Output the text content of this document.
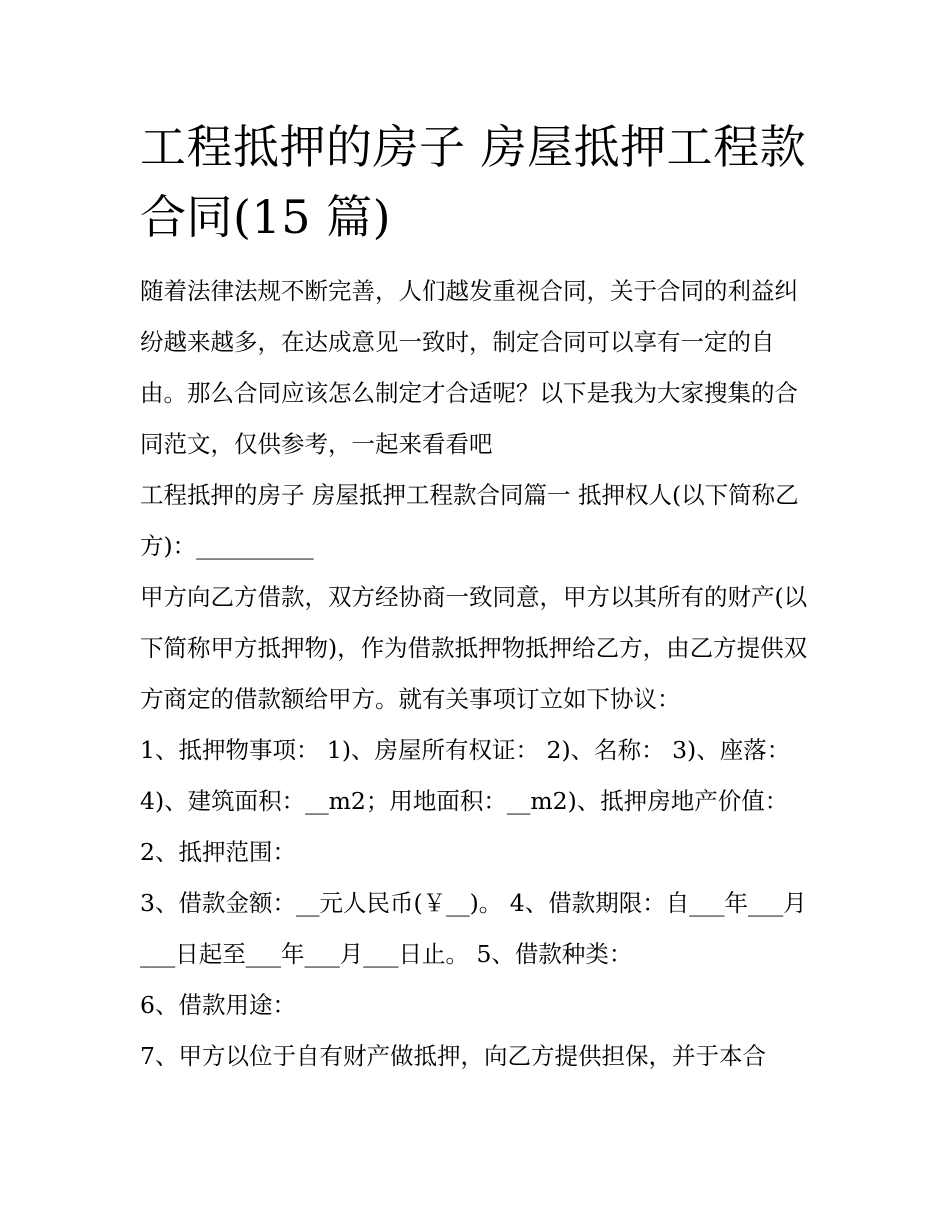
工程抵押的房子 房屋抵押工程款合同(15 篇)

随着法律法规不断完善，人们越发重视合同，关于合同的利益纠纷越来越多，在达成意见一致时，制定合同可以享有一定的自由。那么合同应该怎么制定才合适呢？以下是我为大家搜集的合同范文，仅供参考，一起来看看吧

工程抵押的房子 房屋抵押工程款合同篇一 抵押权人(以下简称乙方)：__________

甲方向乙方借款，双方经协商一致同意，甲方以其所有的财产(以下简称甲方抵押物)，作为借款抵押物抵押给乙方，由乙方提供双方商定的借款额给甲方。就有关事项订立如下协议：

1、抵押物事项： 1)、房屋所有权证： 2)、名称： 3)、座落： 4)、建筑面积：__m2；用地面积：__m2)、抵押房地产价值： 2、抵押范围：

3、借款金额：__元人民币(￥__)。 4、借款期限：自___年___月___日起至___年___月___日止。 5、借款种类：

6、借款用途：

7、甲方以位于自有财产做抵押，向乙方提供担保，并于本合
